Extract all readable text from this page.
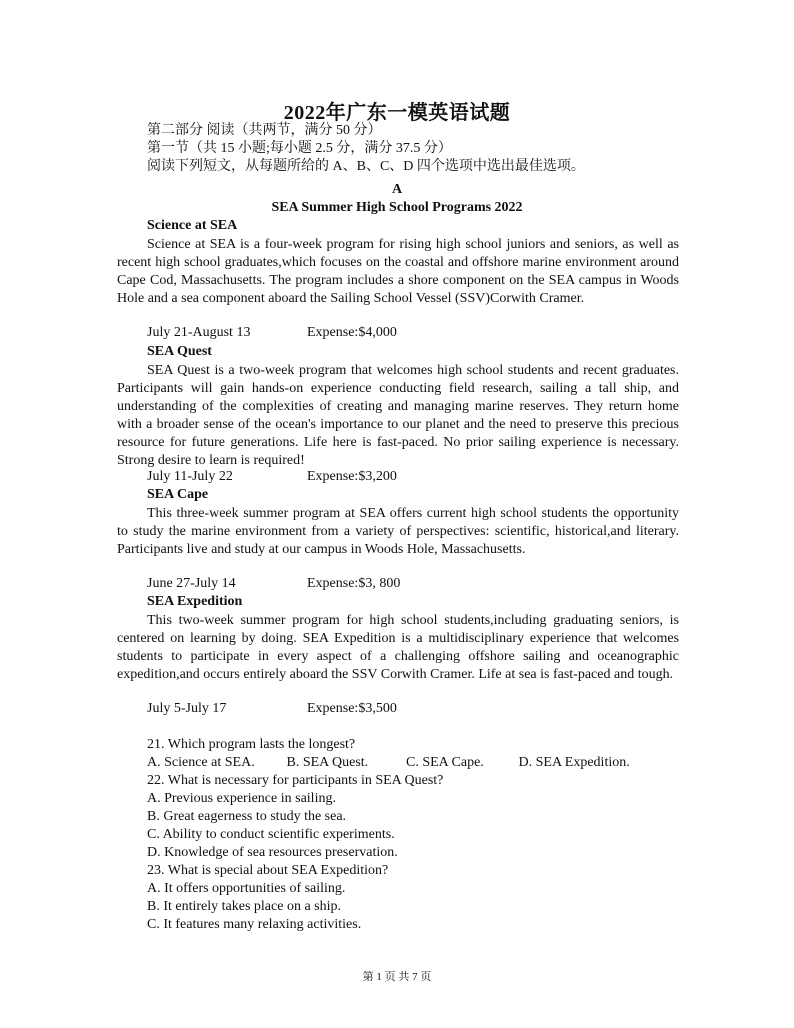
2022年广东一模英语试题
第二部分 阅读（共两节，满分 50 分）
第一节（共 15 小题;每小题 2.5 分，满分 37.5 分）
阅读下列短文，从每题所给的 A、B、C、D 四个选项中选出最佳选项。
A
SEA Summer High School Programs 2022
Science at SEA
Science at SEA is a four-week program for rising high school juniors and seniors, as well as recent high school graduates,which focuses on the coastal and offshore marine environment around Cape Cod, Massachusetts. The program includes a shore component on the SEA campus in Woods Hole and a sea component aboard the Sailing School Vessel (SSV)Corwith Cramer.
July 21-August 13	Expense:$4,000
SEA Quest
SEA Quest is a two-week program that welcomes high school students and recent graduates. Participants will gain hands-on experience conducting field research, sailing a tall ship, and understanding of the complexities of creating and managing marine reserves. They return home with a broader sense of the ocean's importance to our planet and the need to preserve this precious resource for future generations. Life here is fast-paced. No prior sailing experience is necessary. Strong desire to learn is required!
July 11-July 22	Expense:$3,200
SEA Cape
This three-week summer program at SEA offers current high school students the opportunity to study the marine environment from a variety of perspectives: scientific, historical,and literary. Participants live and study at our campus in Woods Hole, Massachusetts.
June 27-July 14	Expense:$3, 800
SEA Expedition
This two-week summer program for high school students,including graduating seniors, is centered on learning by doing. SEA Expedition is a multidisciplinary experience that welcomes students to participate in every aspect of a challenging offshore sailing and oceanographic expedition,and occurs entirely aboard the SSV Corwith Cramer. Life at sea is fast-paced and tough.
July 5-July 17	Expense:$3,500
21. Which program lasts the longest?
A. Science at SEA. B. SEA Quest.	C. SEA Cape. D. SEA Expedition.
22. What is necessary for participants in SEA Quest?
A. Previous experience in sailing.
B. Great eagerness to study the sea.
C. Ability to conduct scientific experiments.
D. Knowledge of sea resources preservation.
23. What is special about SEA Expedition?
A. It offers opportunities of sailing.
B. It entirely takes place on a ship.
C. It features many relaxing activities.
第 1 页 共 7 页
